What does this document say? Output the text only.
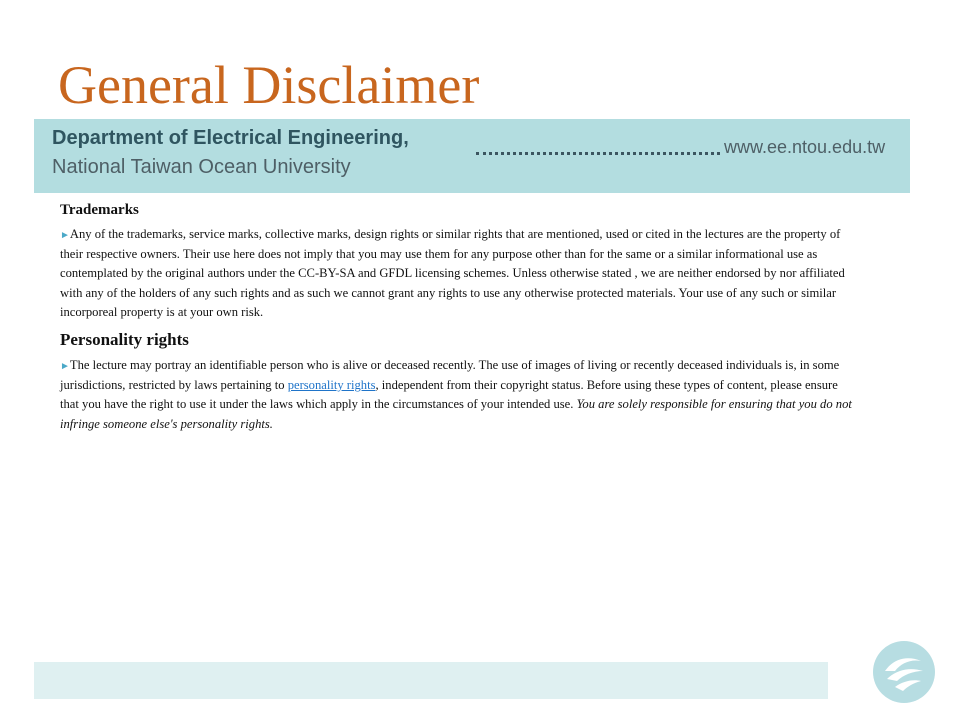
General Disclaimer
Department of Electrical Engineering,	www.ee.ntou.edu.tw
National Taiwan Ocean University
Trademarks

►Any of the trademarks, service marks, collective marks, design rights or similar rights that are mentioned, used or cited in the lectures are the property of their respective owners. Their use here does not imply that you may use them for any purpose other than for the same or a similar informational use as contemplated by the original authors under the CC-BY-SA and GFDL licensing schemes. Unless otherwise stated , we are neither endorsed by nor affiliated with any of the holders of any such rights and as such we cannot grant any rights to use any otherwise protected materials. Your use of any such or similar incorporeal property is at your own risk.

Personality rights

►The lecture may portray an identifiable person who is alive or deceased recently. The use of images of living or recently deceased individuals is, in some jurisdictions, restricted by laws pertaining to personality rights, independent from their copyright status. Before using these types of content, please ensure that you have the right to use it under the laws which apply in the circumstances of your intended use. You are solely responsible for ensuring that you do not infringe someone else's personality rights.
